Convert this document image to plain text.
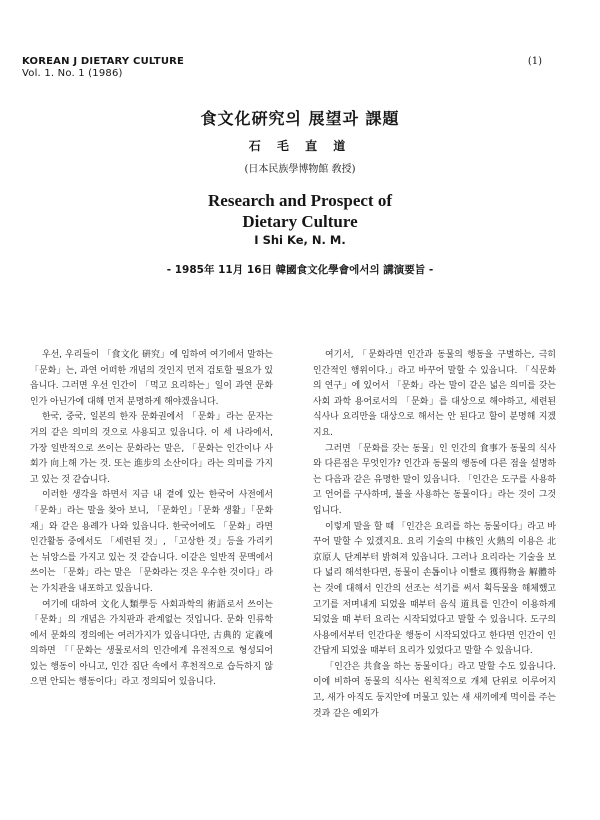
KOREAN J DIETARY CULTURE
Vol. 1. No. 1 (1986)
(1)
食文化硏究의 展望과 課題
石 毛 直 道
(日本民族學博物館 敎授)
Research and Prospect of
Dietary Culture
I Shi Ke, N. M.
- 1985年 11月 16日 韓國食文化學會에서의 講演要旨 -

우선, 우리들이 「食文化 硏究」에 임하여 여기에서 말하는 「문화」는, 과연 어떠한 개념의 것인지 먼저 검토할 필요가 있읍니다. 그러면 우선 인간이 「먹고 요리하는」일이 과연 문화인가 아닌가에 대해 먼저 분명하게 해야겠읍니다.

한국, 중국, 일본의 한자 문화권에서 「문화」라는 문자는 거의 같은 의미의 것으로 사용되고 있읍니다. 이 세 나라에서, 가장 일반적으로 쓰이는 문화라는 말은, 「문화는 인간이나 사회가 向上해 가는 것. 또는 進步의 소산이다」라는 의미를 가지고 있는 것 같습니다.

이러한 생각을 하면서 지금 내 곁에 있는 한국어 사전에서 「문화」라는 말을 찾아 보니, 「문화인」「문화 생활」「문화재」와 같은 용례가 나와 있읍니다. 한국어에도 「문화」라면 인간활동 중에서도 「세련된 것」, 「고상한 것」등을 가리키는 뉘앙스를 가지고 있는 것 같습니다. 이같은 일반적 문맥에서 쓰이는 「문화」라는 말은 「문화라는 것은 우수한 것이다」라는 가치관을 내포하고 있읍니다.

여기에 대하여 文化人類學등 사회과학의 術語로서 쓰이는 「문화」의 개념은 가치판과 관계없는 것입니다. 문화 인류학에서 문화의 정의에는 여러가지가 있읍니다만, 古典的 定義에 의하면 「「문화는 생물로서의 인간에게 유전적으로 형성되어 있는 행동이 아니고, 인간 집단 속에서 후천적으로 습득하지 않으면 안되는 행동이다」라고 정의되어 있읍니다.

여기서, 「문화라면 인간과 동물의 행동을 구별하는, 극히 인간적인 행위이다.」라고 바꾸어 말할 수 있읍니다. 「식문화의 연구」에 있어서 「문화」라는 말이 같은 넓은 의미를 갖는 사회 과학 용어로서의 「문화」를 대상으로 해야하고, 세련된 식사나 요리만을 대상으로 해서는 안 된다고 할이 분명해 지겠지요.

그러면 「문화를 갖는 동물」인 인간의 食事가 동물의 식사와 다른점은 무엇인가? 인간과 동물의 행동에 다른 점을 설명하는 다음과 같은 유명한 말이 있읍니다. 「인간은 도구를 사용하고 언어를 구사하며, 불을 사용하는 동물이다」라는 것이 그것입니다.

이렇게 말을 할 때 「인간은 요리를 하는 동물이다」라고 바꾸어 말할 수 있겠지요. 요리 기술의 中核인 火熱의 이용은 北京原人 단계부터 밝혀져 있읍니다. 그러나 요리라는 기술을 보다 넓리 해석한다면, 동물이 손톱이나 이빨로 獲得物을 解體하는 것에 대해서 인간의 선조는 석기를 써서 획득물을 해체했고 고기를 저며내게 되었을 때부터 음식 道具를 인간이 이용하게 되었을 때 부터 요리는 시작되었다고 말할 수 있읍니다. 도구의 사용에서부터 인간다운 행동이 시작되었다고 한다면 인간이 인간답게 되었을 때부터 요리가 있었다고 말할 수 있읍니다.

「인간은 共食을 하는 동물이다」라고 말할 수도 있읍니다. 이에 비하여 동물의 식사는 원칙적으로 개체 단위로 이루어지고, 새가 아직도 둥지안에 머물고 있는 새 새끼에게 먹이를 주는것과 같은 예외가
